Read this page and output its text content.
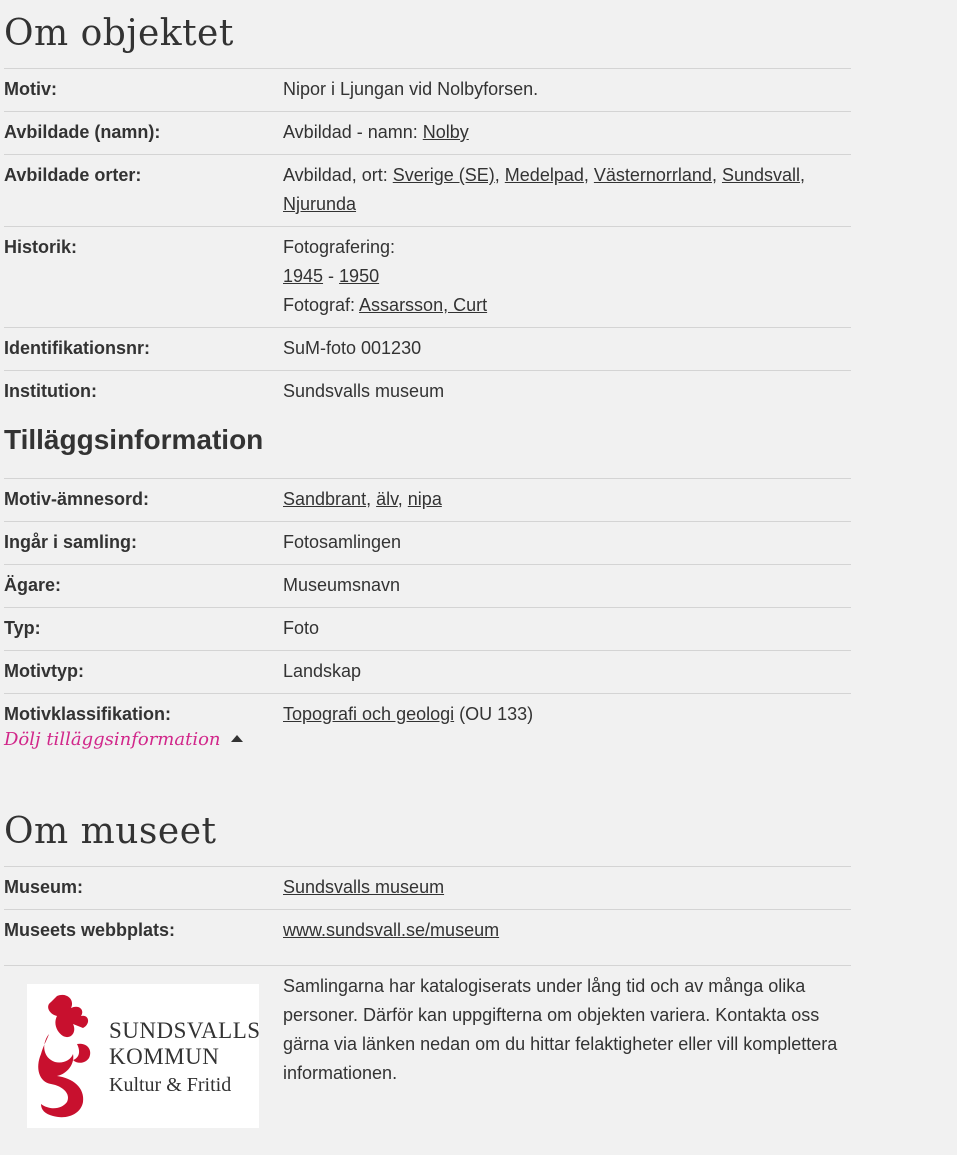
Om objektet
Motiv:	Nipor i Ljungan vid Nolbyforsen.
Avbildade (namn):	Avbildad - namn: Nolby
Avbildade orter:	Avbildad, ort: Sverige (SE), Medelpad, Västernorrland, Sundsvall,
Njurunda
Historik:	Fotografering:
1945 - 1950
Fotograf: Assarsson, Curt
Identifikationsnr:	SuM-foto 001230
Institution:	Sundsvalls museum
Tilläggsinformation
Motiv-ämnesord:	Sandbrant, älv, nipa
Ingår i samling:	Fotosamlingen
Ägare:	Museumsnavn
Typ:	Foto
Motivtyp:	Landskap
Motivklassifikation:	Topografi och geologi (OU 133)
Dölj tilläggsinformation
Om museet
Museum:	Sundsvalls museum
Museets webbplats:	www.sundsvall.se/museum
SUNDSVALLS
KOMMUN
Kultur & Fritid
Samlingarna har katalogiserats under lång tid och av många olika personer. Därför kan uppgifterna om objekten variera. Kontakta oss gärna via länken nedan om du hittar felaktigheter eller vill komplettera informationen.
